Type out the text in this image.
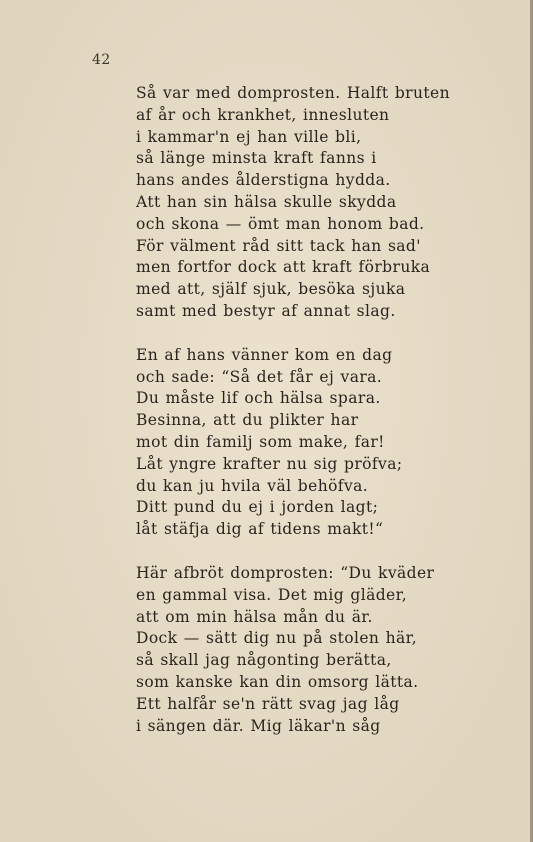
42
Så var med domprosten. Halft bruten
af år och krankhet, innesluten
i kammar'n ej han ville bli,
så länge minsta kraft fanns i
hans andes ålderstigna hydda.
Att han sin hälsa skulle skydda
och skona — ömt man honom bad.
För välment råd sitt tack han sad'
men fortfor dock att kraft förbruka
med att, själf sjuk, besöka sjuka
samt med bestyr af annat slag.
En af hans vänner kom en dag
och sade: “Så det får ej vara.
Du måste lif och hälsa spara.
Besinna, att du plikter har
mot din familj som make, far!
Låt yngre krafter nu sig pröfva;
du kan ju hvila väl behöfva.
Ditt pund du ej i jorden lagt;
låt stäfja dig af tidens makt!“
Här afbröt domprosten: “Du kväder
en gammal visa. Det mig gläder,
att om min hälsa mån du är.
Dock — sätt dig nu på stolen här,
så skall jag någonting berätta,
som kanske kan din omsorg lätta.
Ett halfår se'n rätt svag jag låg
i sängen där. Mig läkar'n såg
